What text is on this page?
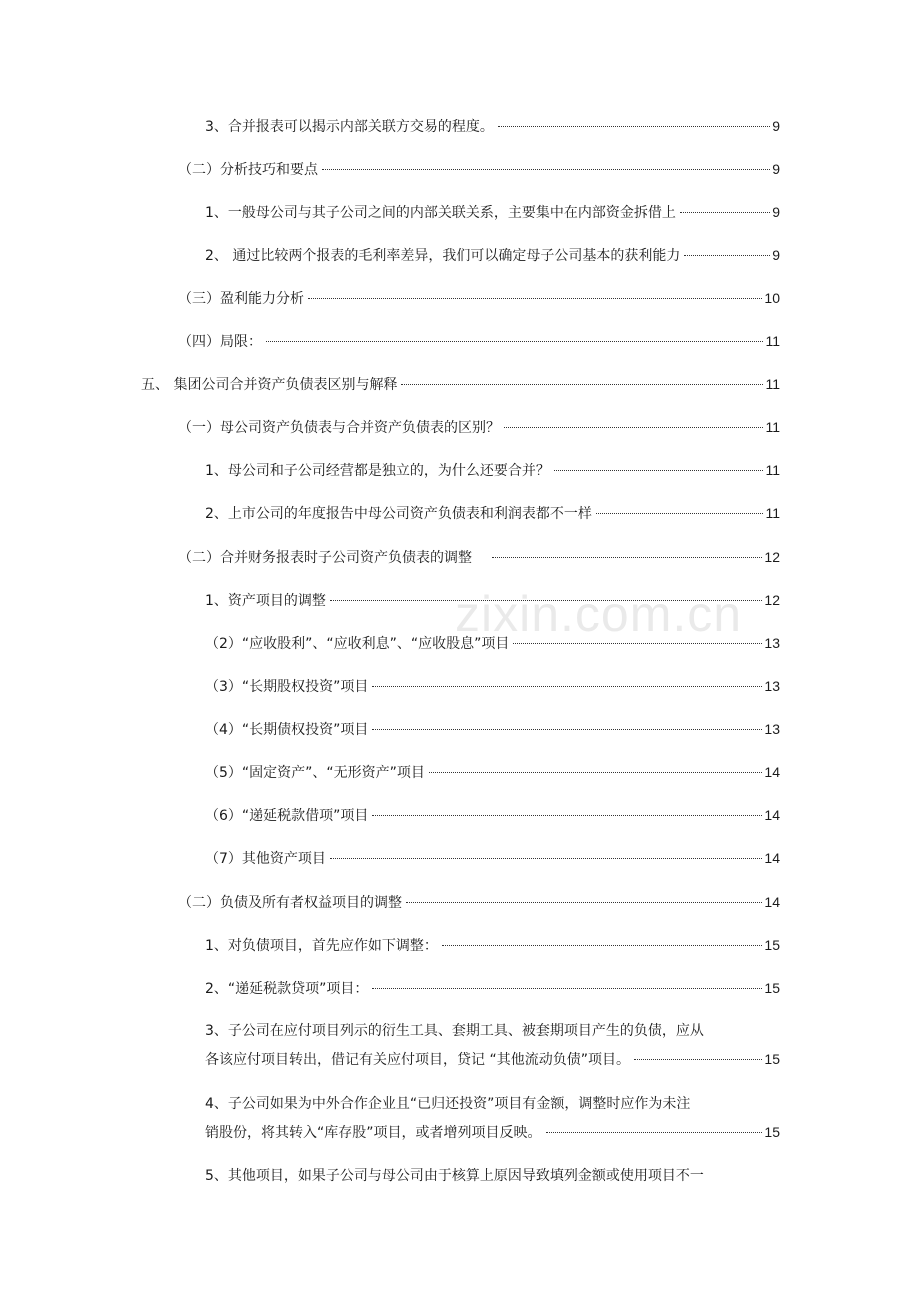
3、合并报表可以揭示内部关联方交易的程度。	9
（二）分析技巧和要点	9
1、一般母公司与其子公司之间的内部关联关系，主要集中在内部资金拆借上	9
2、 通过比较两个报表的毛利率差异，我们可以确定母子公司基本的获利能力	9
（三）盈利能力分析	10
（四）局限：	11
五、 集团公司合并资产负债表区别与解释	11
（一）母公司资产负债表与合并资产负债表的区别？	11
1、母公司和子公司经营都是独立的，为什么还要合并？	11
2、上市公司的年度报告中母公司资产负债表和利润表都不一样	11
（二）合并财务报表时子公司资产负债表的调整	12
1、资产项目的调整	12
（2）“应收股利”、“应收利息”、“应收股息”项目	13
（3）“长期股权投资”项目	13
（4）“长期债权投资”项目	13
（5）“固定资产”、“无形资产”项目	14
（6）“递延税款借项”项目	14
（7）其他资产项目	14
（二）负债及所有者权益项目的调整	14
1、对负债项目，首先应作如下调整：	15
2、“递延税款贷项”项目：	15
3、子公司在应付项目列示的衍生工具、套期工具、被套期项目产生的负债，应从
各该应付项目转出，借记有关应付项目，贷记 “其他流动负债”项目。	15
4、子公司如果为中外合作企业且“已归还投资”项目有金额，调整时应作为未注
销股份，将其转入“库存股”项目，或者增列项目反映。	15
5、其他项目，如果子公司与母公司由于核算上原因导致填列金额或使用项目不一
zixin.com.cn
